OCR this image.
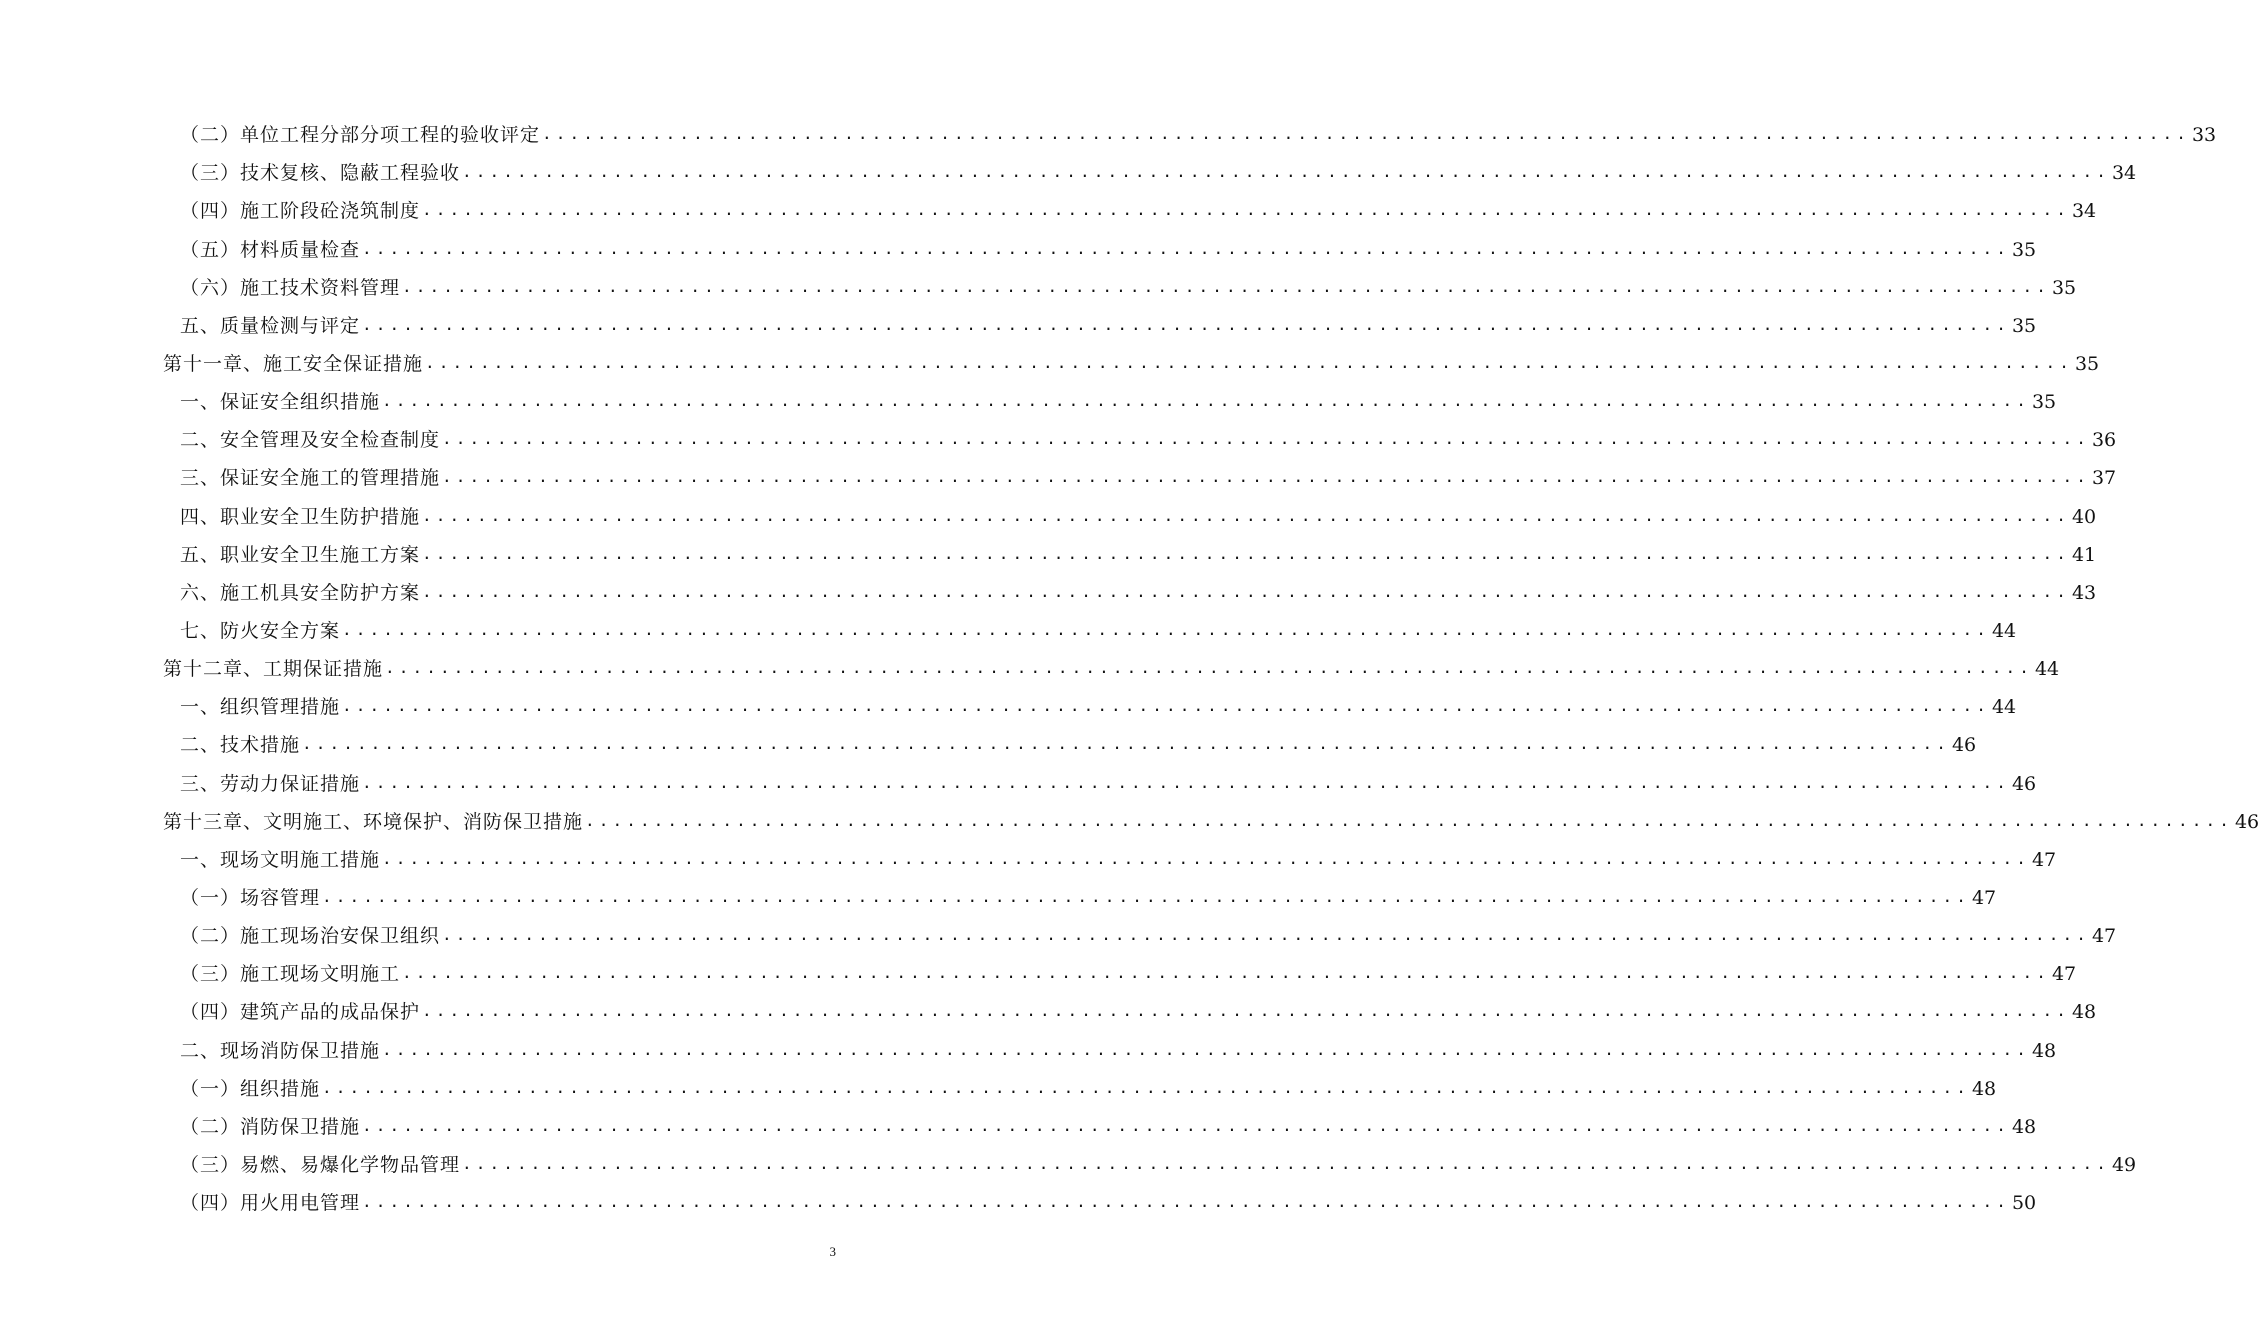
（二）单位工程分部分项工程的验收评定 ........................................................................................................................ 33
（三）技术复核、隐蔽工程验收 ........................................................................................................................ 34
（四）施工阶段砼浇筑制度 ........................................................................................................................ 34
（五）材料质量检查 ........................................................................................................................ 35
（六）施工技术资料管理 ........................................................................................................................ 35
五、质量检测与评定 ........................................................................................................................ 35
第十一章、施工安全保证措施 ........................................................................................................................ 35
一、保证安全组织措施 ........................................................................................................................ 35
二、安全管理及安全检查制度 ........................................................................................................................ 36
三、保证安全施工的管理措施 ........................................................................................................................ 37
四、职业安全卫生防护措施 ........................................................................................................................ 40
五、职业安全卫生施工方案 ........................................................................................................................ 41
六、施工机具安全防护方案 ........................................................................................................................ 43
七、防火安全方案 ........................................................................................................................ 44
第十二章、工期保证措施 ........................................................................................................................ 44
一、组织管理措施 ........................................................................................................................ 44
二、技术措施 ........................................................................................................................ 46
三、劳动力保证措施 ........................................................................................................................ 46
第十三章、文明施工、环境保护、消防保卫措施 ........................................................................................................................ 46
一、现场文明施工措施 ........................................................................................................................ 47
（一）场容管理 ........................................................................................................................ 47
（二）施工现场治安保卫组织 ........................................................................................................................ 47
（三）施工现场文明施工 ........................................................................................................................ 47
（四）建筑产品的成品保护 ........................................................................................................................ 48
二、现场消防保卫措施 ........................................................................................................................ 48
（一）组织措施 ........................................................................................................................ 48
（二）消防保卫措施 ........................................................................................................................ 48
（三）易燃、易爆化学物品管理 ........................................................................................................................ 49
（四）用火用电管理 ........................................................................................................................ 50
3
